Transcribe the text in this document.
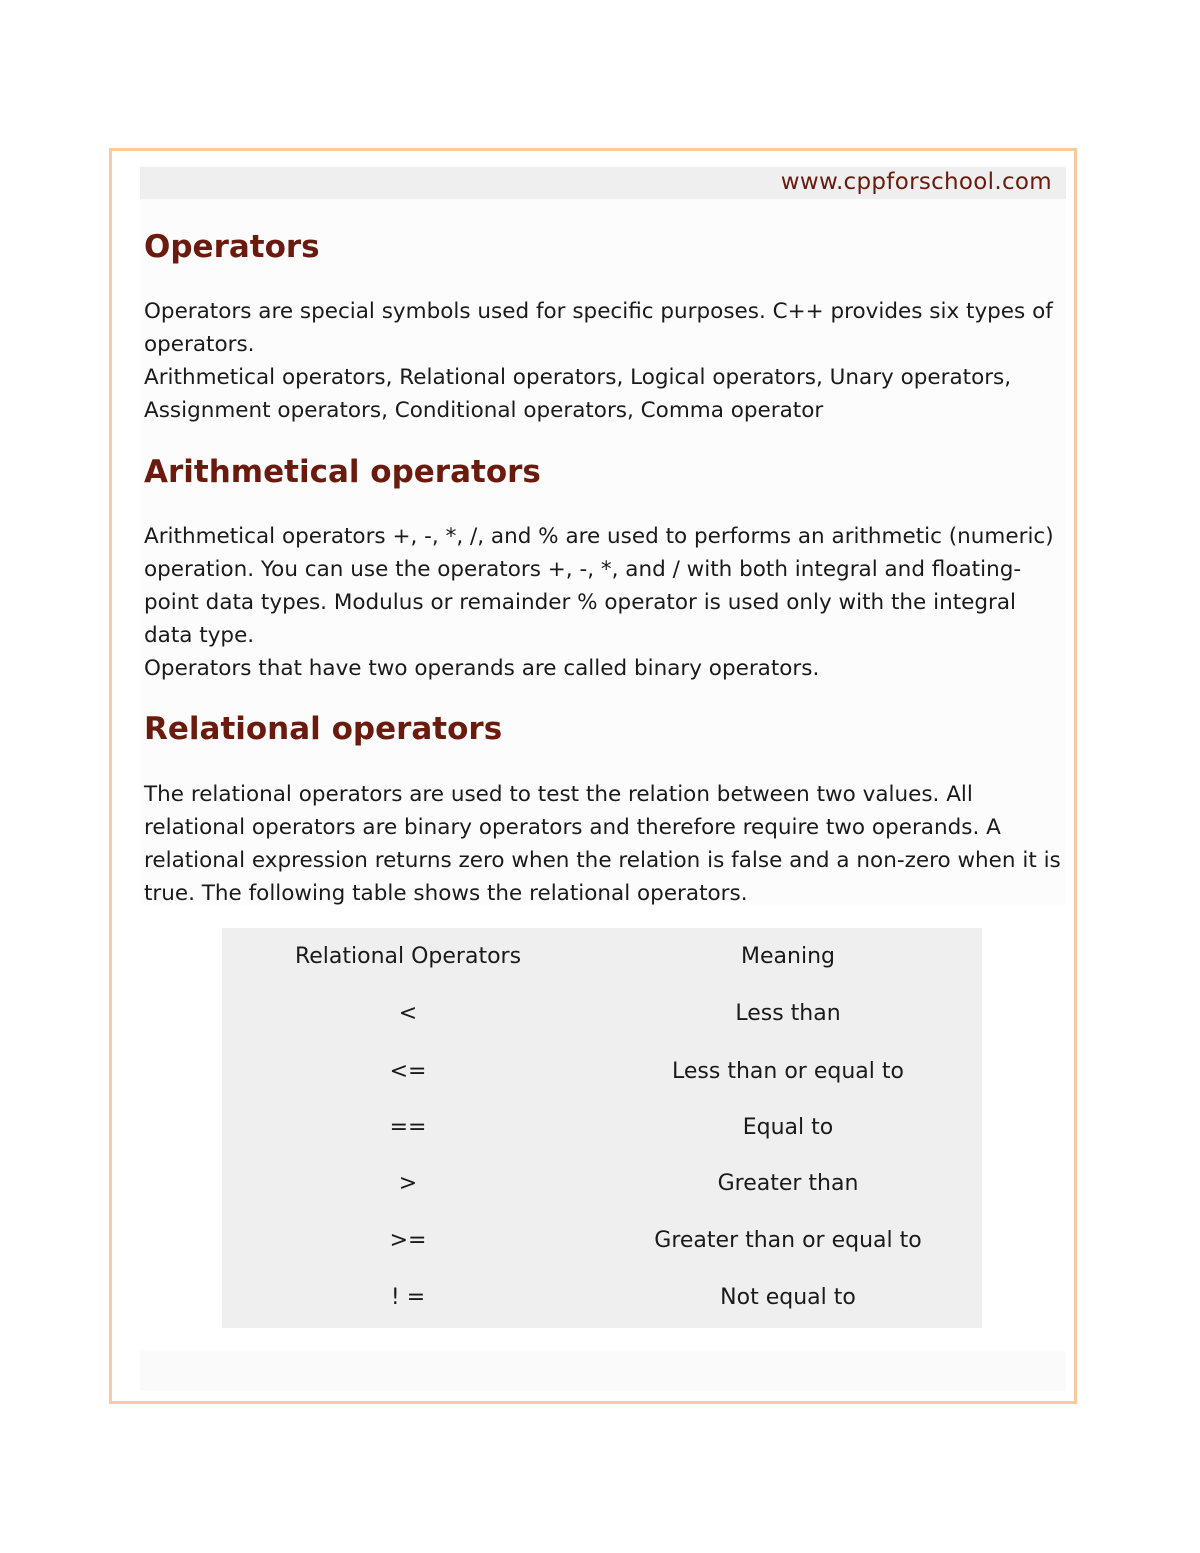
www.cppforschool.com
Operators

Operators are special symbols used for specific purposes. C++ provides six types of operators.

Arithmetical operators, Relational operators, Logical operators, Unary operators, Assignment operators, Conditional operators, Comma operator

Arithmetical operators

Arithmetical operators +, -, *, /, and % are used to performs an arithmetic (numeric) operation. You can use the operators +, -, *, and / with both integral and floating-point data types. Modulus or remainder % operator is used only with the integral data type.

Operators that have two operands are called binary operators.

Relational operators

The relational operators are used to test the relation between two values. All relational operators are binary operators and therefore require two operands. A relational expression returns zero when the relation is false and a non-zero when it is true. The following table shows the relational operators.

Relational Operators	Meaning
<	Less than
<=	Less than or equal to
==	Equal to
>	Greater than
>=	Greater than or equal to
! =	Not equal to
